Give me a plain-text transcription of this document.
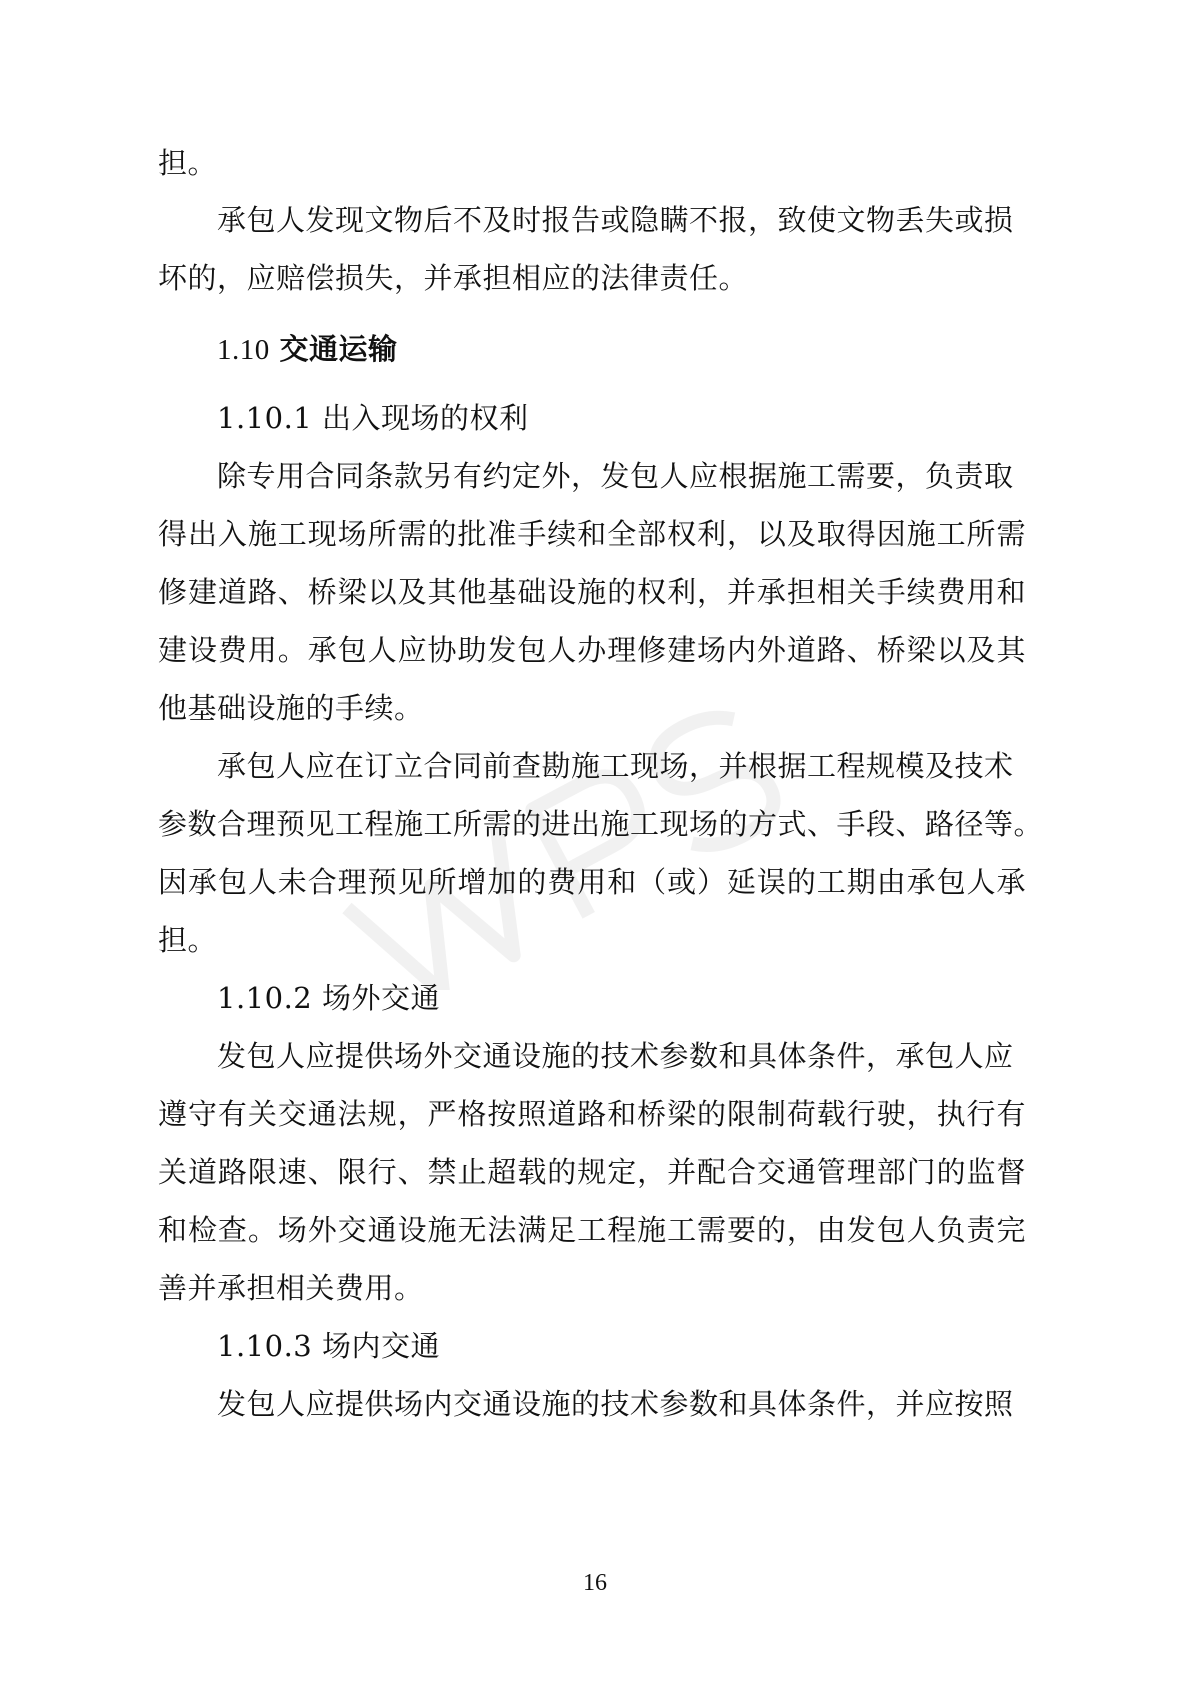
担。
承包人发现文物后不及时报告或隐瞒不报，致使文物丢失或损
坏的，应赔偿损失，并承担相应的法律责任。
1.10 交通运输
1.10.1 出入现场的权利
除专用合同条款另有约定外，发包人应根据施工需要，负责取
得出入施工现场所需的批准手续和全部权利，以及取得因施工所需
修建道路、桥梁以及其他基础设施的权利，并承担相关手续费用和
建设费用。承包人应协助发包人办理修建场内外道路、桥梁以及其
他基础设施的手续。
承包人应在订立合同前查勘施工现场，并根据工程规模及技术
参数合理预见工程施工所需的进出施工现场的方式、手段、路径等。
因承包人未合理预见所增加的费用和（或）延误的工期由承包人承
担。
1.10.2 场外交通
发包人应提供场外交通设施的技术参数和具体条件，承包人应
遵守有关交通法规，严格按照道路和桥梁的限制荷载行驶，执行有
关道路限速、限行、禁止超载的规定，并配合交通管理部门的监督
和检查。场外交通设施无法满足工程施工需要的，由发包人负责完
善并承担相关费用。
1.10.3 场内交通
发包人应提供场内交通设施的技术参数和具体条件，并应按照
16
